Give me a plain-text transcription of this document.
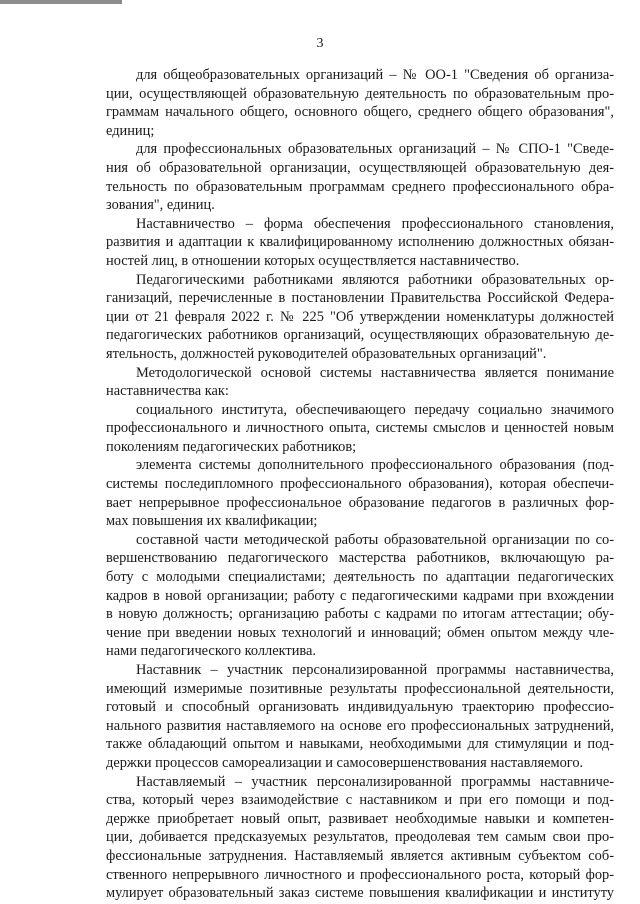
3
для общеобразовательных организаций – № ОО-1 "Сведения об организа-
ции, осуществляющей образовательную деятельность по образовательным про-
граммам начального общего, основного общего, среднего общего образования",
единиц;
для профессиональных образовательных организаций – № СПО-1 "Сведе-
ния об образовательной организации, осуществляющей образовательную дея-
тельность по образовательным программам среднего профессионального обра-
зования", единиц.
Наставничество – форма обеспечения профессионального становления,
развития и адаптации к квалифицированному исполнению должностных обязан-
ностей лиц, в отношении которых осуществляется наставничество.
Педагогическими работниками являются работники образовательных ор-
ганизаций, перечисленные в постановлении Правительства Российской Федера-
ции от 21 февраля 2022 г. № 225 "Об утверждении номенклатуры должностей
педагогических работников организаций, осуществляющих образовательную де-
ятельность, должностей руководителей образовательных организаций".
Методологической основой системы наставничества является понимание
наставничества как:
социального института, обеспечивающего передачу социально значимого
профессионального и личностного опыта, системы смыслов и ценностей новым
поколениям педагогических работников;
элемента системы дополнительного профессионального образования (под-
системы последипломного профессионального образования), которая обеспечи-
вает непрерывное профессиональное образование педагогов в различных фор-
мах повышения их квалификации;
составной части методической работы образовательной организации по со-
вершенствованию педагогического мастерства работников, включающую ра-
боту с молодыми специалистами; деятельность по адаптации педагогических
кадров в новой организации; работу с педагогическими кадрами при вхождении
в новую должность; организацию работы с кадрами по итогам аттестации; обу-
чение при введении новых технологий и инноваций; обмен опытом между чле-
нами педагогического коллектива.
Наставник – участник персонализированной программы наставничества,
имеющий измеримые позитивные результаты профессиональной деятельности,
готовый и способный организовать индивидуальную траекторию профессио-
нального развития наставляемого на основе его профессиональных затруднений,
также обладающий опытом и навыками, необходимыми для стимуляции и под-
держки процессов самореализации и самосовершенствования наставляемого.
Наставляемый – участник персонализированной программы наставниче-
ства, который через взаимодействие с наставником и при его помощи и под-
держке приобретает новый опыт, развивает необходимые навыки и компетен-
ции, добивается предсказуемых результатов, преодолевая тем самым свои про-
фессиональные затруднения. Наставляемый является активным субъектом соб-
ственного непрерывного личностного и профессионального роста, который фор-
мулирует образовательный заказ системе повышения квалификации и институту
